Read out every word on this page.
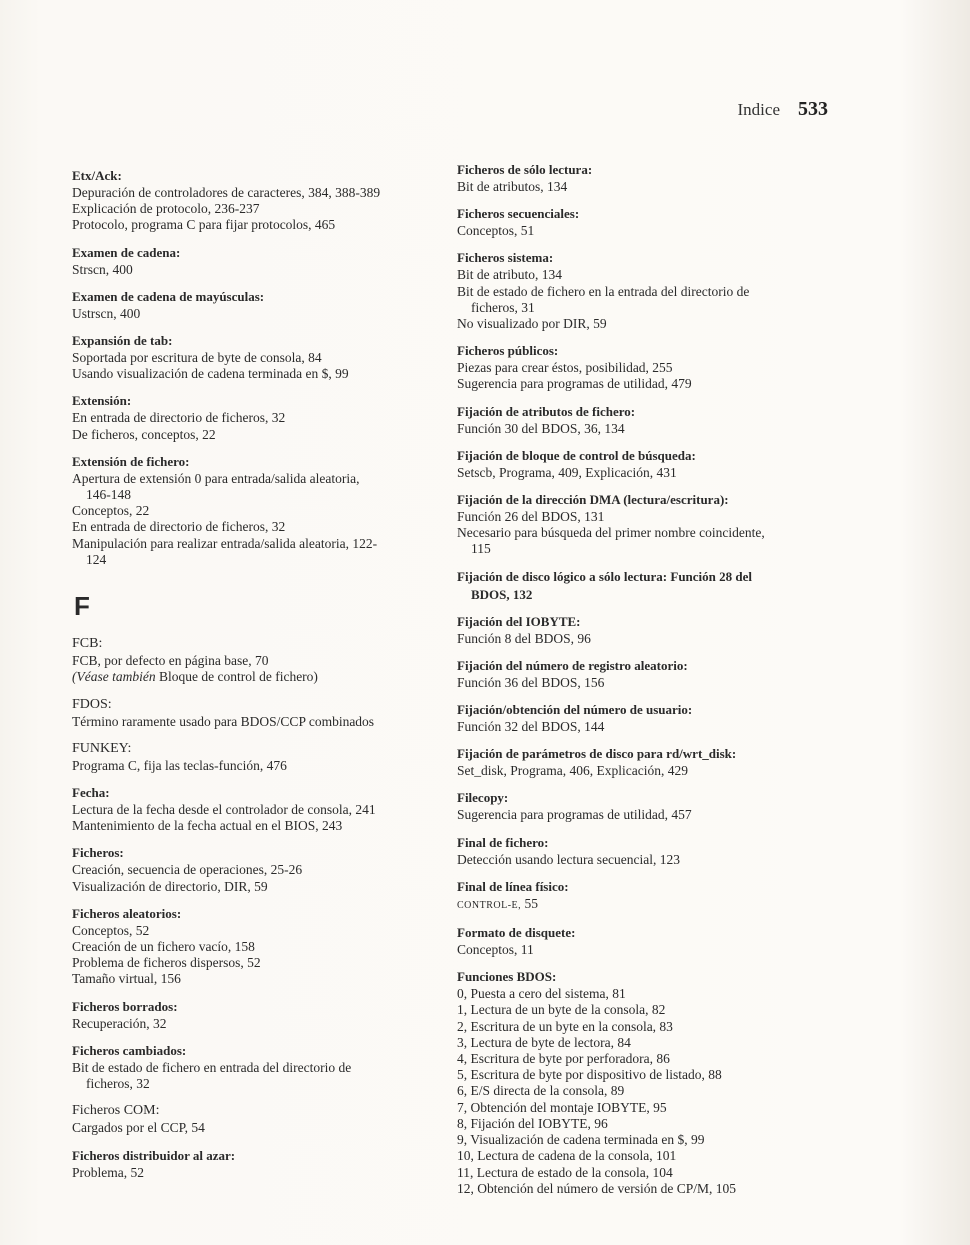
Indice 533
Etx/Ack:
Depuración de controladores de caracteres, 384, 388-389
Explicación de protocolo, 236-237
Protocolo, programa C para fijar protocolos, 465
Examen de cadena:
Strscn, 400
Examen de cadena de mayúsculas:
Ustrscn, 400
Expansión de tab:
Soportada por escritura de byte de consola, 84
Usando visualización de cadena terminada en $, 99
Extensión:
En entrada de directorio de ficheros, 32
De ficheros, conceptos, 22
Extensión de fichero:
Apertura de extensión 0 para entrada/salida aleatoria,
146-148
Conceptos, 22
En entrada de directorio de ficheros, 32
Manipulación para realizar entrada/salida aleatoria, 122-
124
F
FCB:
FCB, por defecto en página base, 70
(Véase también Bloque de control de fichero)
FDOS:
Término raramente usado para BDOS/CCP combinados
FUNKEY:
Programa C, fija las teclas-función, 476
Fecha:
Lectura de la fecha desde el controlador de consola, 241
Mantenimiento de la fecha actual en el BIOS, 243
Ficheros:
Creación, secuencia de operaciones, 25-26
Visualización de directorio, DIR, 59
Ficheros aleatorios:
Conceptos, 52
Creación de un fichero vacío, 158
Problema de ficheros dispersos, 52
Tamaño virtual, 156
Ficheros borrados:
Recuperación, 32
Ficheros cambiados:
Bit de estado de fichero en entrada del directorio de
ficheros, 32
Ficheros COM:
Cargados por el CCP, 54
Ficheros distribuidor al azar:
Problema, 52
Ficheros de sólo lectura:
Bit de atributos, 134
Ficheros secuenciales:
Conceptos, 51
Ficheros sistema:
Bit de atributo, 134
Bit de estado de fichero en la entrada del directorio de
ficheros, 31
No visualizado por DIR, 59
Ficheros públicos:
Piezas para crear éstos, posibilidad, 255
Sugerencia para programas de utilidad, 479
Fijación de atributos de fichero:
Función 30 del BDOS, 36, 134
Fijación de bloque de control de búsqueda:
Setscb, Programa, 409, Explicación, 431
Fijación de la dirección DMA (lectura/escritura):
Función 26 del BDOS, 131
Necesario para búsqueda del primer nombre coincidente,
115
Fijación de disco lógico a sólo lectura: Función 28 del
BDOS, 132
Fijación del IOBYTE:
Función 8 del BDOS, 96
Fijación del número de registro aleatorio:
Función 36 del BDOS, 156
Fijación/obtención del número de usuario:
Función 32 del BDOS, 144
Fijación de parámetros de disco para rd/wrt_disk:
Set_disk, Programa, 406, Explicación, 429
Filecopy:
Sugerencia para programas de utilidad, 457
Final de fichero:
Detección usando lectura secuencial, 123
Final de línea físico:
CONTROL-E, 55
Formato de disquete:
Conceptos, 11
Funciones BDOS:
0, Puesta a cero del sistema, 81
1, Lectura de un byte de la consola, 82
2, Escritura de un byte en la consola, 83
3, Lectura de byte de lectora, 84
4, Escritura de byte por perforadora, 86
5, Escritura de byte por dispositivo de listado, 88
6, E/S directa de la consola, 89
7, Obtención del montaje IOBYTE, 95
8, Fijación del IOBYTE, 96
9, Visualización de cadena terminada en $, 99
10, Lectura de cadena de la consola, 101
11, Lectura de estado de la consola, 104
12, Obtención del número de versión de CP/M, 105
